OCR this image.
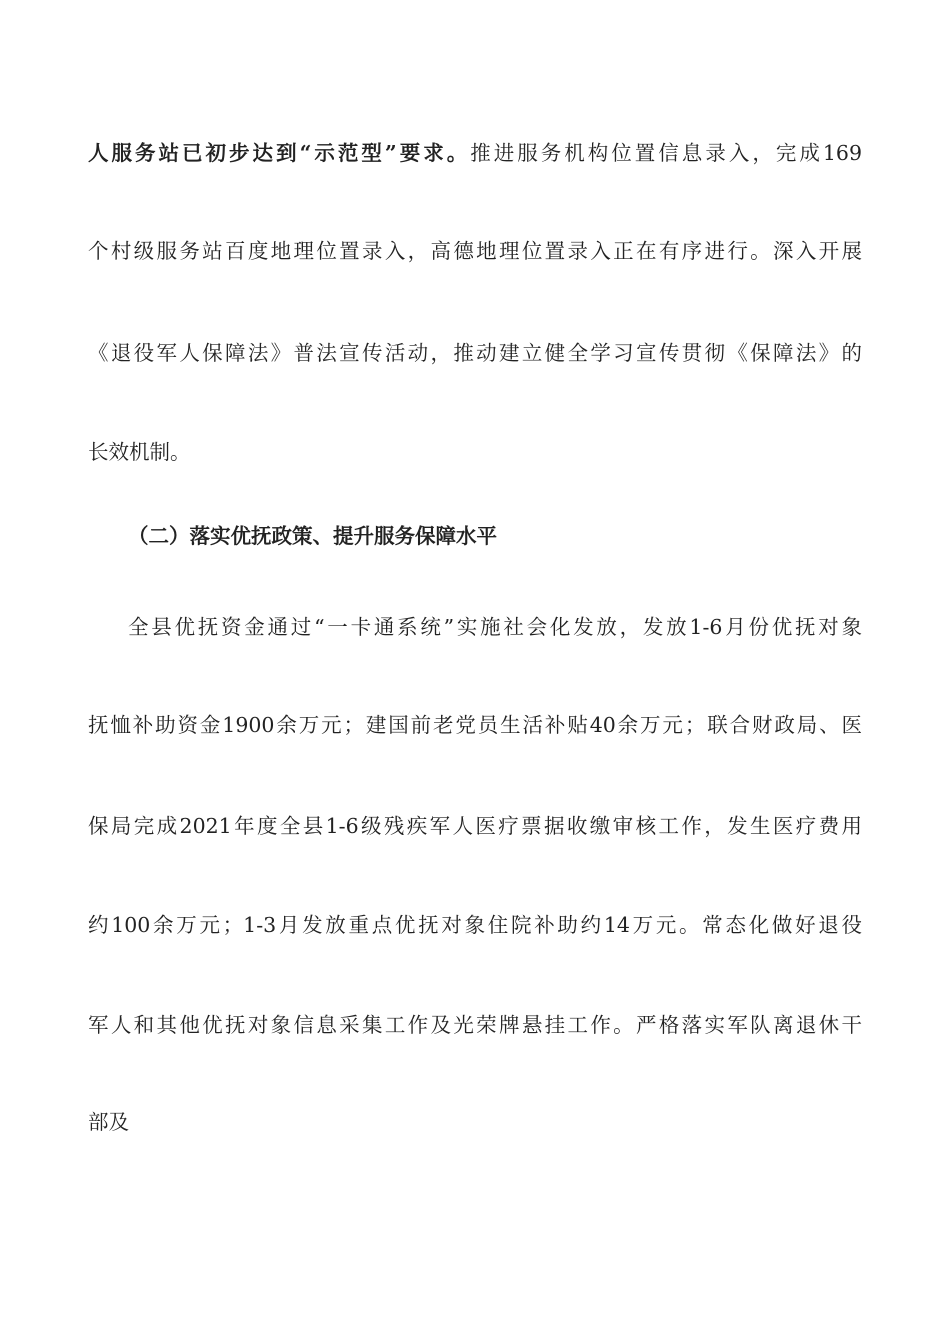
人服务站已初步达到“示范型”要求。推进服务机构位置信息录入，完成169
个村级服务站百度地理位置录入，高德地理位置录入正在有序进行。深入开展
《退役军人保障法》普法宣传活动，推动建立健全学习宣传贯彻《保障法》的
长效机制。
（二）落实优抚政策、提升服务保障水平
全县优抚资金通过“一卡通系统”实施社会化发放，发放1-6月份优抚对象
抚恤补助资金1900余万元；建国前老党员生活补贴40余万元；联合财政局、医
保局完成2021年度全县1-6级残疾军人医疗票据收缴审核工作，发生医疗费用
约100余万元；1-3月发放重点优抚对象住院补助约14万元。常态化做好退役
军人和其他优抚对象信息采集工作及光荣牌悬挂工作。严格落实军队离退休干
部及
